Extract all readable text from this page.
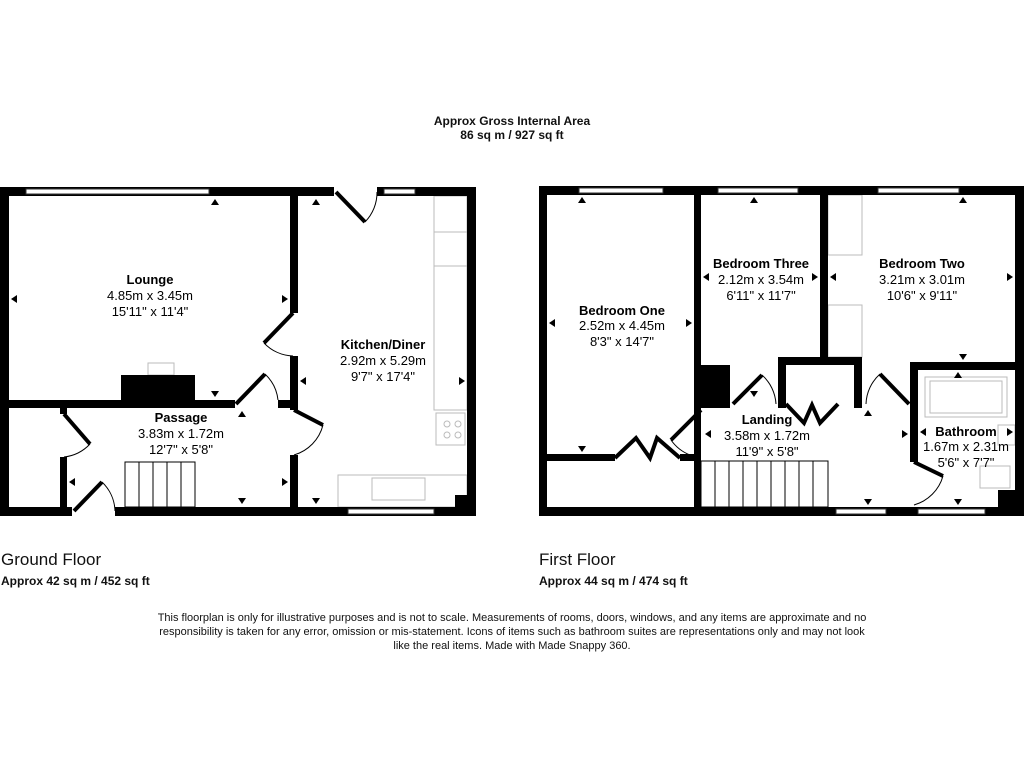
Approx Gross Internal Area
86 sq m / 927 sq ft
Lounge
4.85m x 3.45m
15'11" x 11'4"
Kitchen/Diner
2.92m x 5.29m
9'7" x 17'4"
Passage
3.83m x 1.72m
12'7" x 5'8"
Bedroom One
2.52m x 4.45m
8'3" x 14'7"
Bedroom Three
2.12m x 3.54m
6'11" x 11'7"
Bedroom Two
3.21m x 3.01m
10'6" x 9'11"
Landing
3.58m x 1.72m
11'9" x 5'8"
Bathroom
1.67m x 2.31m
5'6" x 7'7"
Ground Floor
Approx 42 sq m / 452 sq ft
First Floor
Approx 44 sq m / 474 sq ft
This floorplan is only for illustrative purposes and is not to scale. Measurements of rooms, doors, windows, and any items are approximate and no responsibility is taken for any error, omission or mis-statement. Icons of items such as bathroom suites are representations only and may not look like the real items. Made with Made Snappy 360.
